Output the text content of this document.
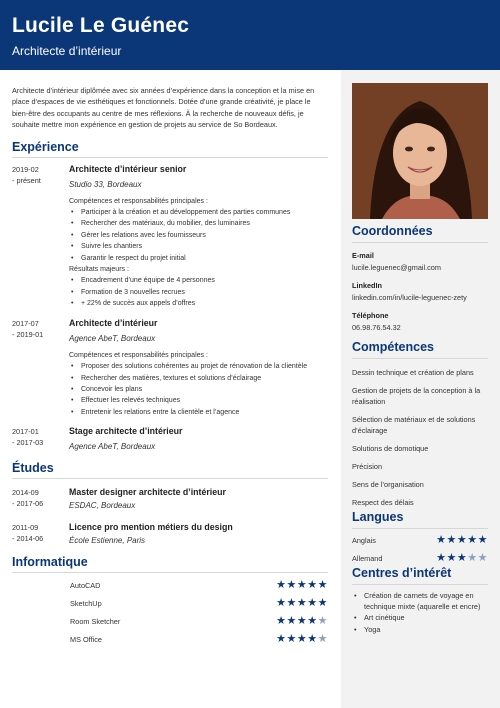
Lucile Le Guénec
Architecte d’intérieur

Architecte d’intérieur diplômée avec six années d’expérience dans la conception et la mise en place d’espaces de vie esthétiques et fonctionnels. Dotée d’une grande créativité, je place le bien-être des occupants au centre de mes réflexions. À la recherche de nouveaux défis, je souhaite mettre mon expérience en gestion de projets au service de So Bordeaux.

Expérience
2019-02
- présent
Architecte d’intérieur senior
Studio 33, Bordeaux
Compétences et responsabilités principales :
• Participer à la création et au développement des parties communes
• Rechercher des matériaux, du mobilier, des luminaires
• Gérer les relations avec les fournisseurs
• Suivre les chantiers
• Garantir le respect du projet initial
Résultats majeurs :
• Encadrement d’une équipe de 4 personnes
• Formation de 3 nouvelles recrues
• + 22% de succès aux appels d’offres
2017-07
- 2019-01
Architecte d’intérieur
Agence AbeT, Bordeaux
Compétences et responsabilités principales :
• Proposer des solutions cohérentes au projet de rénovation de la clientèle
• Rechercher des matières, textures et solutions d’éclairage
• Concevoir les plans
• Effectuer les relevés techniques
• Entretenir les relations entre la clientèle et l’agence
2017-01
- 2017-03
Stage architecte d’intérieur
Agence AbeT, Bordeaux
Études
2014-09
- 2017-06
Master designer architecte d’intérieur
ESDAC, Bordeaux
2011-09
- 2014-06
Licence pro mention métiers du design
École Estienne, Paris
Informatique
AutoCAD	★★★★★
SketchUp	★★★★★
Room Sketcher	★★★★★
MS Office	★★★★★
Coordonnées
E-mail
lucile.leguenec@gmail.com
LinkedIn
linkedin.com/in/lucile-leguenec-zety
Téléphone
06.98.76.54.32
Compétences
Dessin technique et création de plans
Gestion de projets de la conception à la réalisation
Sélection de matériaux et de solutions d’éclairage
Solutions de domotique
Précision
Sens de l’organisation
Respect des délais
Langues
Anglais	★★★★★
Allemand	★★★★★
Centres d’intérêt
• Création de carnets de voyage en technique mixte (aquarelle et encre)
• Art cinétique
• Yoga
